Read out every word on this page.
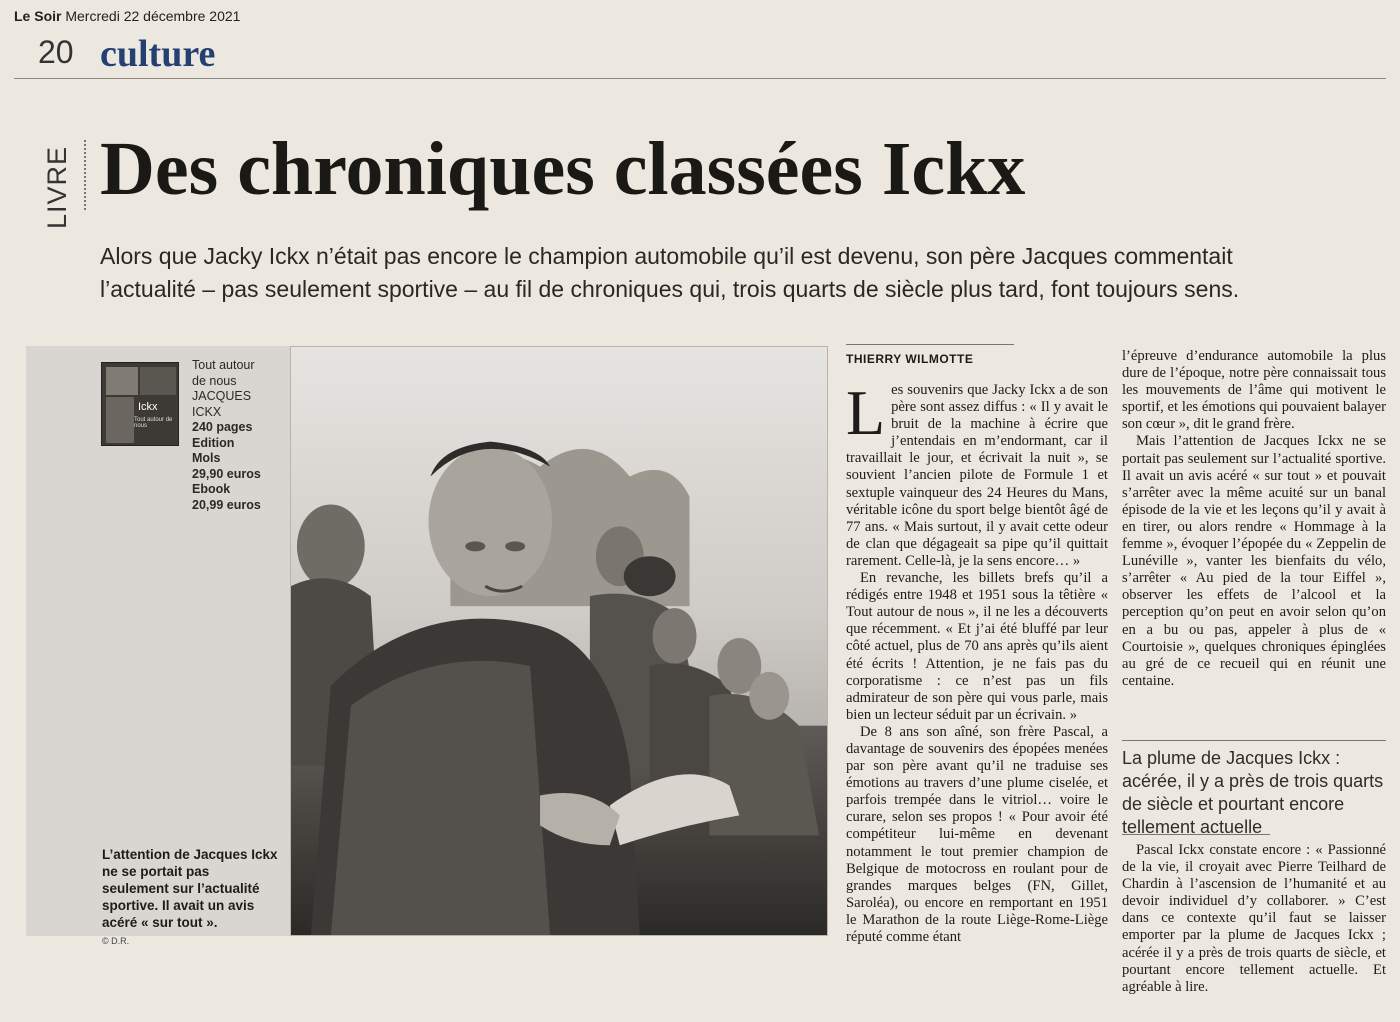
Le Soir Mercredi 22 décembre 2021
20 culture
LIVRE Des chroniques classées Ickx

Alors que Jacky Ickx n’était pas encore le champion automobile qu’il est devenu, son père Jacques commentait l’actualité – pas seulement sportive – au fil de chroniques qui, trois quarts de siècle plus tard, font toujours sens.

Ickx
Tout autour de nous
Tout autour
de nous
JACQUES
ICKX
240 pages
Edition
Mols
29,90 euros
Ebook
20,99 euros
L’attention de Jacques Ickx ne se portait pas seulement sur l’actualité sportive. Il avait un avis acéré « sur tout ».
© D.R.
THIERRY WILMOTTE

Les souvenirs que Jacky Ickx a de son père sont assez diffus : « Il y avait le bruit de la machine à écrire que j’entendais en m’endormant, car il travaillait le jour, et écrivait la nuit », se souvient l’ancien pilote de Formule 1 et sextuple vainqueur des 24 Heures du Mans, véritable icône du sport belge bientôt âgé de 77 ans. « Mais surtout, il y avait cette odeur de clan que dégageait sa pipe qu’il quittait rarement. Celle-là, je la sens encore… »

En revanche, les billets brefs qu’il a rédigés entre 1948 et 1951 sous la têtière « Tout autour de nous », il ne les a découverts que récemment. « Et j’ai été bluffé par leur côté actuel, plus de 70 ans après qu’ils aient été écrits ! Attention, je ne fais pas du corporatisme : ce n’est pas un fils admirateur de son père qui vous parle, mais bien un lecteur séduit par un écrivain. »

De 8 ans son aîné, son frère Pascal, a davantage de souvenirs des épopées menées par son père avant qu’il ne traduise ses émotions au travers d’une plume ciselée, et parfois trempée dans le vitriol… voire le curare, selon ses propos ! « Pour avoir été compétiteur lui-même en devenant notamment le tout premier champion de Belgique de motocross en roulant pour de grandes marques belges (FN, Gillet, Saroléa), ou encore en remportant en 1951 le Marathon de la route Liège-Rome-Liège réputé comme étant

l’épreuve d’endurance automobile la plus dure de l’époque, notre père connaissait tous les mouvements de l’âme qui motivent le sportif, et les émotions qui pouvaient balayer son cœur », dit le grand frère.

Mais l’attention de Jacques Ickx ne se portait pas seulement sur l’actualité sportive. Il avait un avis acéré « sur tout » et pouvait s’arrêter avec la même acuité sur un banal épisode de la vie et les leçons qu’il y avait à en tirer, ou alors rendre « Hommage à la femme », évoquer l’épopée du « Zeppelin de Lunéville », vanter les bienfaits du vélo, s’arrêter « Au pied de la tour Eiffel », observer les effets de l’alcool et la perception qu’on peut en avoir selon qu’on en a bu ou pas, appeler à plus de « Courtoisie », quelques chroniques épinglées au gré de ce recueil qui en réunit une centaine.

La plume de Jacques Ickx : acérée, il y a près de trois quarts de siècle et pourtant encore tellement actuelle

Pascal Ickx constate encore : « Passionné de la vie, il croyait avec Pierre Teilhard de Chardin à l’ascension de l’humanité et au devoir individuel d’y collaborer. » C’est dans ce contexte qu’il faut se laisser emporter par la plume de Jacques Ickx ; acérée il y a près de trois quarts de siècle, et pourtant encore tellement actuelle. Et agréable à lire.
